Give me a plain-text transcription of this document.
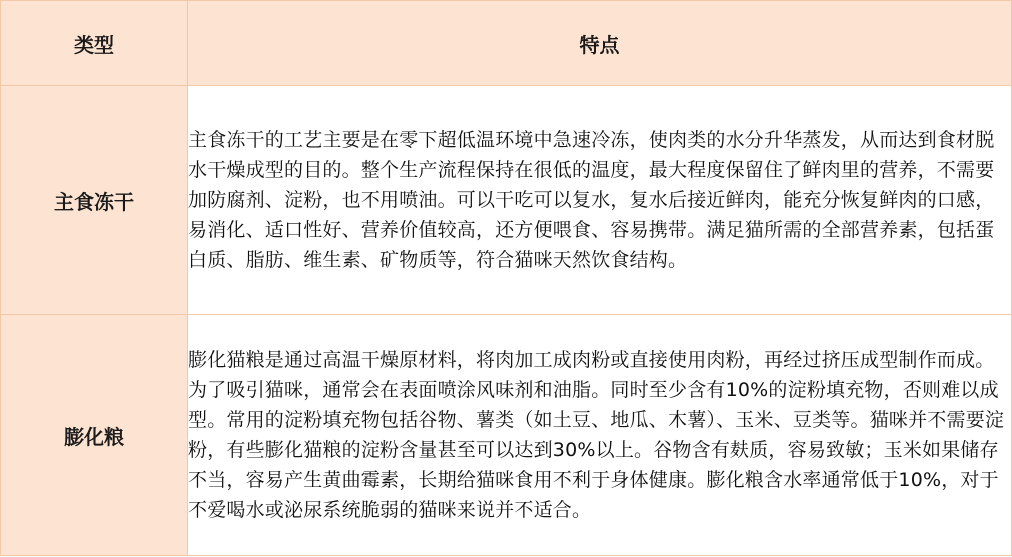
类型	特点
主食冻干	主食冻干的工艺主要是在零下超低温环境中急速冷冻，使肉类的水分升华蒸发，从而达到食材脱水干燥成型的目的。整个生产流程保持在很低的温度，最大程度保留住了鲜肉里的营养，不需要加防腐剂、淀粉，也不用喷油。可以干吃可以复水，复水后接近鲜肉，能充分恢复鲜肉的口感，易消化、适口性好、营养价值较高，还方便喂食、容易携带。满足猫所需的全部营养素，包括蛋白质、脂肪、维生素、矿物质等，符合猫咪天然饮食结构。
膨化粮	膨化猫粮是通过高温干燥原材料，将肉加工成肉粉或直接使用肉粉，再经过挤压成型制作而成。为了吸引猫咪，通常会在表面喷涂风味剂和油脂。同时至少含有10%的淀粉填充物，否则难以成型。常用的淀粉填充物包括谷物、薯类（如土豆、地瓜、木薯）、玉米、豆类等。猫咪并不需要淀粉，有些膨化猫粮的淀粉含量甚至可以达到30%以上。谷物含有麸质，容易致敏；玉米如果储存不当，容易产生黄曲霉素，长期给猫咪食用不利于身体健康。膨化粮含水率通常低于10%，对于不爱喝水或泌尿系统脆弱的猫咪来说并不适合。
